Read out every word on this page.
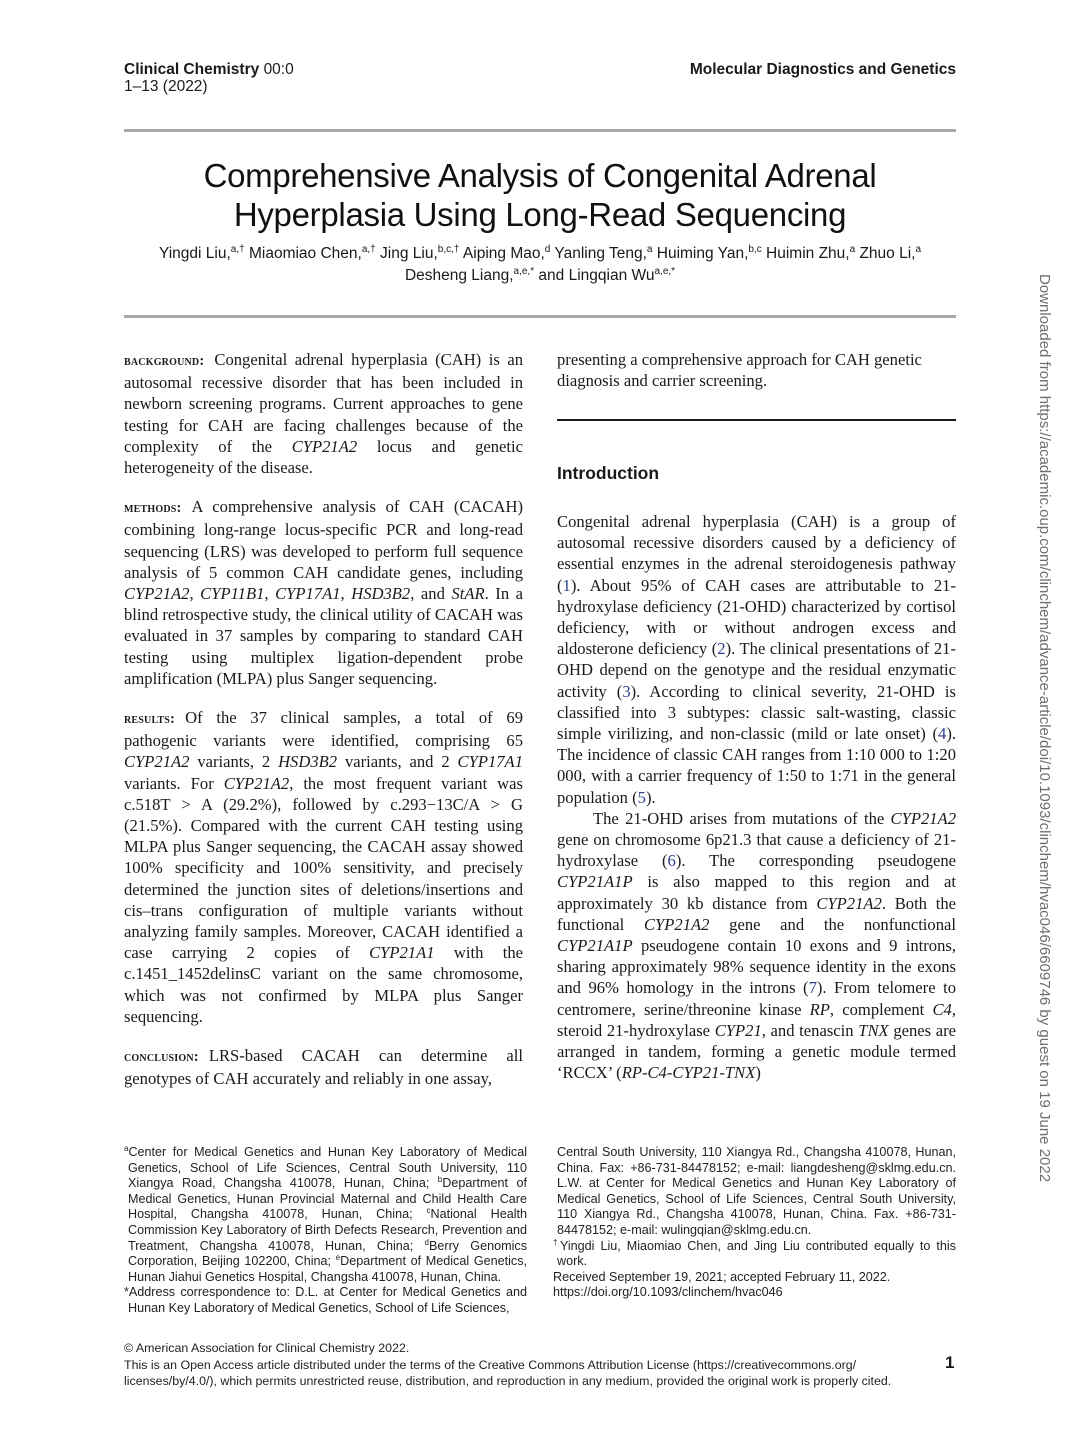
Clinical Chemistry 00:0
1–13 (2022)
Molecular Diagnostics and Genetics
Comprehensive Analysis of Congenital Adrenal Hyperplasia Using Long-Read Sequencing
Yingdi Liu,$^{a,\dagger}$ Miaomiao Chen,$^{a,\dagger}$ Jing Liu,$^{b,c,\dagger}$ Aiping Mao,$^d$ Yanling Teng,$^a$ Huiming Yan,$^{b,c}$ Huimin Zhu,$^a$ Zhuo Li,$^a$
Desheng Liang,$^{a,e,*}$ and Lingqian $Wu^{a,e,*}$

background: Congenital adrenal hyperplasia (CAH) is an autosomal recessive disorder that has been included in newborn screening programs. Current approaches to gene testing for CAH are facing challenges because of the complexity of the CYP21A2 locus and genetic heterogeneity of the disease.

methods: A comprehensive analysis of CAH (CACAH) combining long-range locus-specific PCR and long-read sequencing (LRS) was developed to perform full sequence analysis of 5 common CAH candidate genes, including CYP21A2, CYP11B1, CYP17A1, HSD3B2, and StAR. In a blind retrospective study, the clinical utility of CACAH was evaluated in 37 samples by comparing to standard CAH testing using multiplex ligation-dependent probe amplification (MLPA) plus Sanger sequencing.

results: Of the 37 clinical samples, a total of 69 pathogenic variants were identified, comprising 65 CYP21A2 variants, 2 HSD3B2 variants, and 2 CYP17A1 variants. For CYP21A2, the most frequent variant was c.518T > A (29.2%), followed by c.293−13C/A > G (21.5%). Compared with the current CAH testing using MLPA plus Sanger sequencing, the CACAH assay showed 100% specificity and 100% sensitivity, and precisely determined the junction sites of deletions/insertions and cis–trans configuration of multiple variants without analyzing family samples. Moreover, CACAH identified a case carrying 2 copies of CYP21A1 with the c.1451_1452delinsC variant on the same chromosome, which was not confirmed by MLPA plus Sanger sequencing.

conclusion: LRS-based CACAH can determine all genotypes of CAH accurately and reliably in one assay,

presenting a comprehensive approach for CAH genetic diagnosis and carrier screening.

Introduction

Congenital adrenal hyperplasia (CAH) is a group of autosomal recessive disorders caused by a deficiency of essential enzymes in the adrenal steroidogenesis pathway (1). About 95% of CAH cases are attributable to 21-hydroxylase deficiency (21-OHD) characterized by cortisol deficiency, with or without androgen excess and aldosterone deficiency (2). The clinical presentations of 21-OHD depend on the genotype and the residual enzymatic activity (3). According to clinical severity, 21-OHD is classified into 3 subtypes: classic salt-wasting, classic simple virilizing, and non-classic (mild or late onset) (4). The incidence of classic CAH ranges from 1:10 000 to 1:20 000, with a carrier frequency of 1:50 to 1:71 in the general population (5).

The 21-OHD arises from mutations of the CYP21A2 gene on chromosome 6p21.3 that cause a deficiency of 21-hydroxylase (6). The corresponding pseudogene CYP21A1P is also mapped to this region and at approximately 30 kb distance from CYP21A2. Both the functional CYP21A2 gene and the nonfunctional CYP21A1P pseudogene contain 10 exons and 9 introns, sharing approximately 98% sequence identity in the exons and 96% homology in the introns (7). From telomere to centromere, serine/threonine kinase RP, complement C4, steroid 21-hydroxylase CYP21, and tenascin TNX genes are arranged in tandem, forming a genetic module termed ‘RCCX’ (RP-C4-CYP21-TNX)

$^a$Center for Medical Genetics and Hunan Key Laboratory of Medical Genetics, School of Life Sciences, Central South University, 110 Xiangya Road, Changsha 410078, Hunan, China; $^b$Department of Medical Genetics, Hunan Provincial Maternal and Child Health Care Hospital, Changsha 410078, Hunan, China; $^c$National Health Commission Key Laboratory of Birth Defects Research, Prevention and Treatment, Changsha 410078, Hunan, China; $^d$Berry Genomics Corporation, Beijing 102200, China; $^e$Department of Medical Genetics, Hunan Jiahui Genetics Hospital, Changsha 410078, Hunan, China.

*Address correspondence to: D.L. at Center for Medical Genetics and Hunan Key Laboratory of Medical Genetics, School of Life Sciences,

Central South University, 110 Xiangya Rd., Changsha 410078, Hunan, China. Fax: +86-731-84478152; e-mail: liangdesheng@sklmg.edu.cn. L.W. at Center for Medical Genetics and Hunan Key Laboratory of Medical Genetics, School of Life Sciences, Central South University, 110 Xiangya Rd., Changsha 410078, Hunan, China. Fax. +86-731-84478152; e-mail: wulingqian@sklmg.edu.cn.

†Yingdi Liu, Miaomiao Chen, and Jing Liu contributed equally to this work.

Received September 19, 2021; accepted February 11, 2022.

https://doi.org/10.1093/clinchem/hvac046

© American Association for Clinical Chemistry 2022.

This is an Open Access article distributed under the terms of the Creative Commons Attribution License (https://creativecommons.org/

licenses/by/4.0/), which permits unrestricted reuse, distribution, and reproduction in any medium, provided the original work is properly cited.

1
Downloaded from https://academic.oup.com/clinchem/advance-article/doi/10.1093/clinchem/hvac046/6609746 by guest on 19 June 2022
